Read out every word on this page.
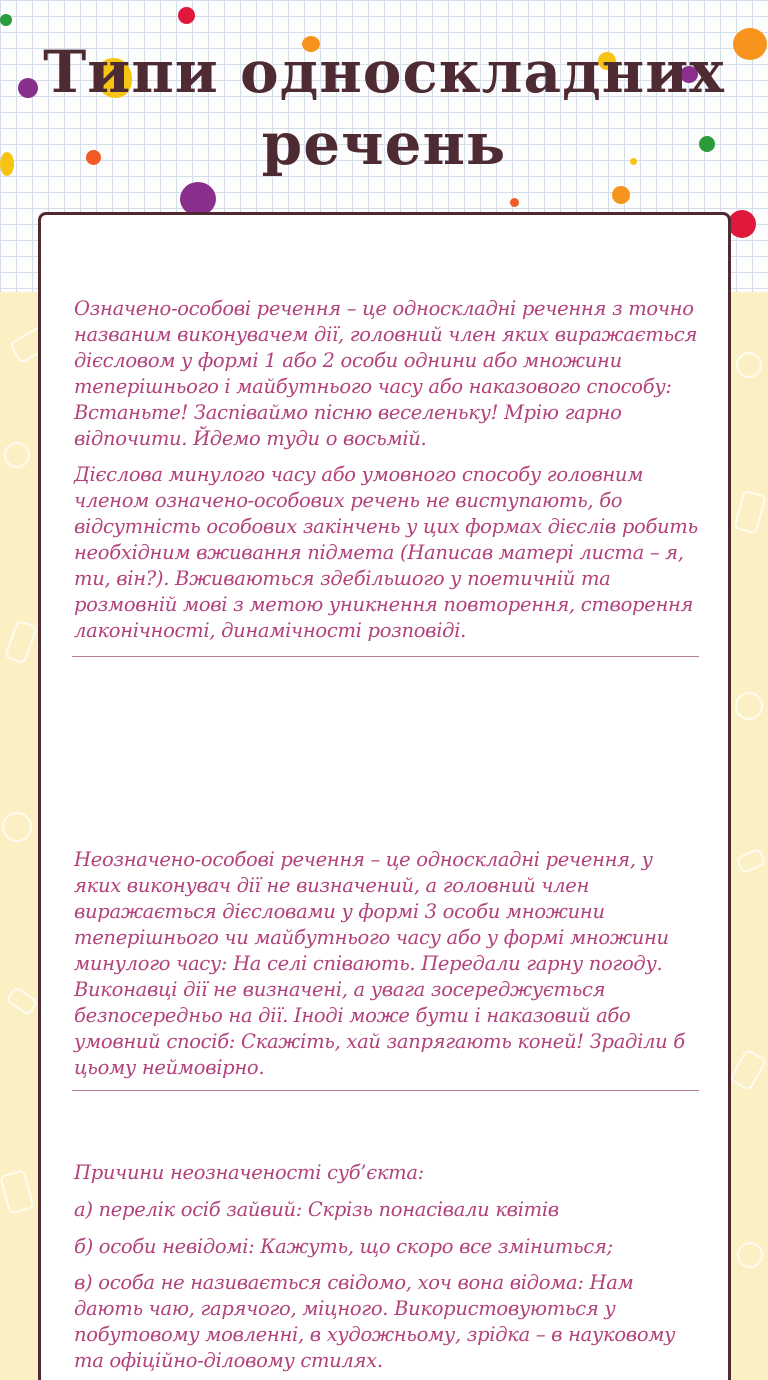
Типи односкладних речень

Означено-особові речення – це односкладні речення з точно названим виконувачем дії, головний член яких виражається дієсловом у формі 1 або 2 особи однини або множини теперішнього і майбутнього часу або наказового способу: Встаньте! Заспіваймо пісню веселеньку! Мрію гарно відпочити. Йдемо туди о восьмій.

Дієслова минулого часу або умовного способу головним членом означено-особових речень не виступають, бо відсутність особових закінчень у цих формах дієслів робить необхідним вживання підмета (Написав матері листа – я, ти, він?). Вживаються здебільшого у поетичній та розмовній мові з метою уникнення повторення, створення лаконічності, динамічності розповіді.

Неозначено-особові речення – це односкладні речення, у яких виконувач дії не визначений, а головний член виражається дієсловами у формі 3 особи множини теперішнього чи майбутнього часу або у формі множини минулого часу: На селі співають. Передали гарну погоду. Виконавці дії не визначені, а увага зосереджується безпосередньо на дії. Іноді може бути і наказовий або умовний спосіб: Скажіть, хай запрягають коней! Зраділи б цьому неймовірно.

Причини неозначеності суб’єкта:

а) перелік осіб зайвий: Скрізь понасівали квітів

б) особи невідомі: Кажуть, що скоро все зміниться;

в) особа не називається свідомо, хоч вона відома: Нам дають чаю, гарячого, міцного. Використовуються у побутовому мовленні, в художньому, зрідка – в науковому та офіційно-діловому стилях.
